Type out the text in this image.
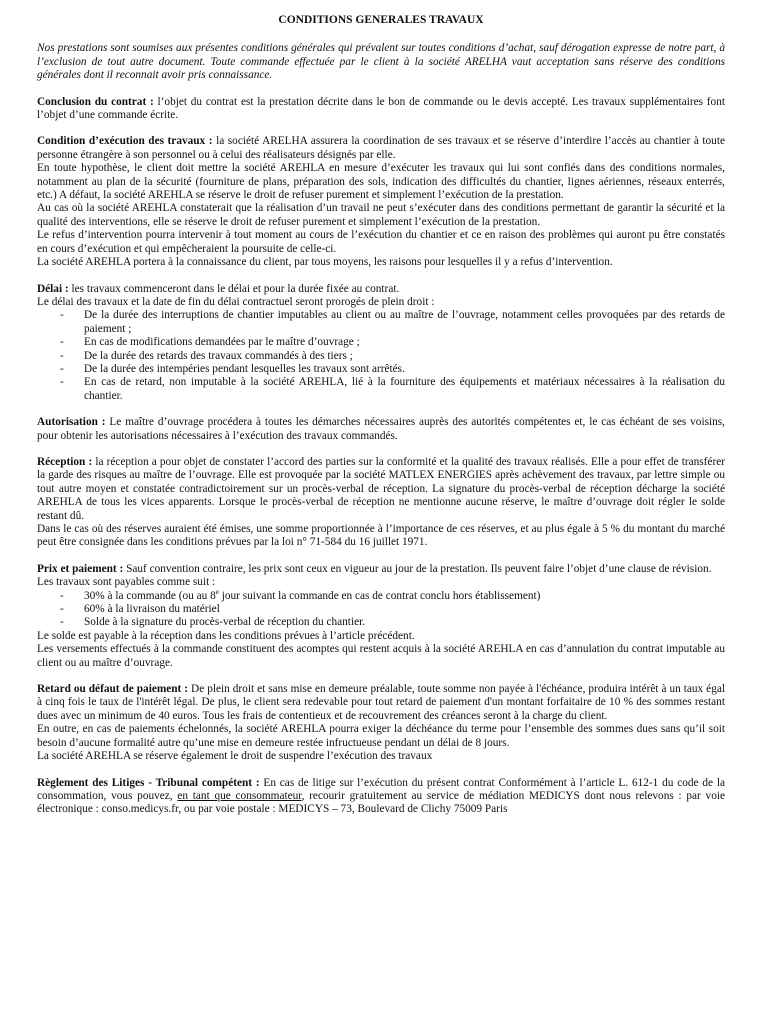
CONDITIONS GENERALES TRAVAUX

Nos prestations sont soumises aux présentes conditions générales qui prévalent sur toutes conditions d’achat, sauf dérogation expresse de notre part, à l’exclusion de tout autre document. Toute commande effectuée par le client à la société ARELHA vaut acceptation sans réserve des conditions générales dont il reconnait avoir pris connaissance.

Conclusion du contrat : l’objet du contrat est la prestation décrite dans le bon de commande ou le devis accepté. Les travaux supplémentaires font l’objet d’une commande écrite.

Condition d’exécution des travaux : la société ARELHA assurera la coordination de ses travaux et se réserve d’interdire l’accès au chantier à toute personne étrangère à son personnel ou à celui des réalisateurs désignés par elle.

En toute hypothèse, le client doit mettre la société AREHLA en mesure d’exécuter les travaux qui lui sont confiés dans des conditions normales, notamment au plan de la sécurité (fourniture de plans, préparation des sols, indication des difficultés du chantier, lignes aériennes, réseaux enterrés, etc.) A défaut, la société AREHLA se réserve le droit de refuser purement et simplement l’exécution de la prestation.

Au cas où la société AREHLA constaterait que la réalisation d’un travail ne peut s’exécuter dans des conditions permettant de garantir la sécurité et la qualité des interventions, elle se réserve le droit de refuser purement et simplement l’exécution de la prestation.

Le refus d’intervention pourra intervenir à tout moment au cours de l’exécution du chantier et ce en raison des problèmes qui auront pu être constatés en cours d’exécution et qui empêcheraient la poursuite de celle-ci.

La société AREHLA portera à la connaissance du client, par tous moyens, les raisons pour lesquelles il y a refus d’intervention.

Délai : les travaux commenceront dans le délai et pour la durée fixée au contrat.

Le délai des travaux et la date de fin du délai contractuel seront prorogés de plein droit :

- De la durée des interruptions de chantier imputables au client ou au maître de l’ouvrage, notamment celles provoquées par des retards de paiement ;
- En cas de modifications demandées par le maître d’ouvrage ;
- De la durée des retards des travaux commandés à des tiers ;
- De la durée des intempéries pendant lesquelles les travaux sont arrêtés.
- En cas de retard, non imputable à la société AREHLA, lié à la fourniture des équipements et matériaux nécessaires à la réalisation du chantier.

Autorisation : Le maître d’ouvrage procédera à toutes les démarches nécessaires auprès des autorités compétentes et, le cas échéant de ses voisins, pour obtenir les autorisations nécessaires à l’exécution des travaux commandés.

Réception : la réception a pour objet de constater l’accord des parties sur la conformité et la qualité des travaux réalisés. Elle a pour effet de transférer la garde des risques au maître de l’ouvrage. Elle est provoquée par la société MATLEX ENERGIES après achèvement des travaux, par lettre simple ou tout autre moyen et constatée contradictoirement sur un procès-verbal de réception. La signature du procès-verbal de réception décharge la société AREHLA de tous les vices apparents. Lorsque le procès-verbal de réception ne mentionne aucune réserve, le maître d’ouvrage doit régler le solde restant dû.

Dans le cas où des réserves auraient été émises, une somme proportionnée à l’importance de ces réserves, et au plus égale à 5 % du montant du marché peut être consignée dans les conditions prévues par la loi n° 71-584 du 16 juillet 1971.

Prix et paiement : Sauf convention contraire, les prix sont ceux en vigueur au jour de la prestation. Ils peuvent faire l’objet d’une clause de révision.

Les travaux sont payables comme suit :

- 30% à la commande (ou au 8e jour suivant la commande en cas de contrat conclu hors établissement)
- 60% à la livraison du matériel
- Solde à la signature du procès-verbal de réception du chantier.

Le solde est payable à la réception dans les conditions prévues à l’article précédent.

Les versements effectués à la commande constituent des acomptes qui restent acquis à la société AREHLA en cas d’annulation du contrat imputable au client ou au maître d’ouvrage.

Retard ou défaut de paiement : De plein droit et sans mise en demeure préalable, toute somme non payée à l'échéance, produira intérêt à un taux égal à cinq fois le taux de l'intérêt légal. De plus, le client sera redevable pour tout retard de paiement d'un montant forfaitaire de 10 % des sommes restant dues avec un minimum de 40 euros. Tous les frais de contentieux et de recouvrement des créances seront à la charge du client.

En outre, en cas de paiements échelonnés, la société AREHLA pourra exiger la déchéance du terme pour l’ensemble des sommes dues sans qu’il soit besoin d’aucune formalité autre qu’une mise en demeure restée infructueuse pendant un délai de 8 jours.

La société AREHLA se réserve également le droit de suspendre l’exécution des travaux

Règlement des Litiges - Tribunal compétent : En cas de litige sur l’exécution du présent contrat Conformément à l’article L. 612-1 du code de la consommation, vous pouvez, en tant que consommateur, recourir gratuitement au service de médiation MEDICYS dont nous relevons : par voie électronique : conso.medicys.fr, ou par voie postale : MEDICYS – 73, Boulevard de Clichy 75009 Paris
